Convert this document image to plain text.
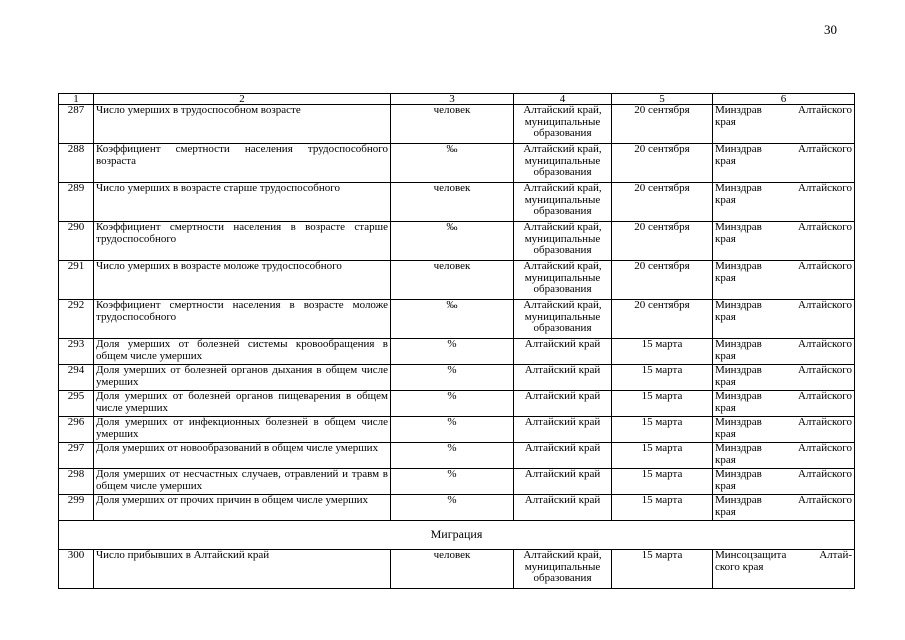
30
1	2	3	4	5	6
287	Число умерших в трудоспособном возрасте	человек	Алтайский край, муниципальные образования	20 сентября	Минздрав Алтайского
края

288	Коэффициент смертности населения трудоспособного возраста	‰	Алтайский край, муниципальные образования	20 сентября	Минздрав Алтайского
края

289	Число умерших в возрасте старше трудоспособного	человек	Алтайский край, муниципальные образования	20 сентября	Минздрав Алтайского
края

290	Коэффициент смертности населения в возрасте старше трудоспособного	‰	Алтайский край, муниципальные образования	20 сентября	Минздрав Алтайского
края

291	Число умерших в возрасте моложе трудоспособного	человек	Алтайский край, муниципальные образования	20 сентября	Минздрав Алтайского
края

292	Коэффициент смертности населения в возрасте моложе трудоспособного	‰	Алтайский край, муниципальные образования	20 сентября	Минздрав Алтайского
края

293	Доля умерших от болезней системы кровообращения в общем числе умерших	%	Алтайский край	15 марта	Минздрав Алтайского
края

294	Доля умерших от болезней органов дыхания в общем числе умерших	%	Алтайский край	15 марта	Минздрав Алтайского
края

295	Доля умерших от болезней органов пищеварения в общем числе умерших	%	Алтайский край	15 марта	Минздрав Алтайского
края

296	Доля умерших от инфекционных болезней в общем числе умерших	%	Алтайский край	15 марта	Минздрав Алтайского
края

297	Доля умерших от новообразований в общем числе умерших	%	Алтайский край	15 марта	Минздрав Алтайского
края

298	Доля умерших от несчастных случаев, отравлений и травм в общем числе умерших	%	Алтайский край	15 марта	Минздрав Алтайского
края

299	Доля умерших от прочих причин в общем числе умерших	%	Алтайский край	15 марта	Минздрав Алтайского
края

Миграция					
300	Число прибывших в Алтайский край	человек	Алтайский край, муниципальные образования	15 марта	Минсоцзащита Алтай-
ского края
